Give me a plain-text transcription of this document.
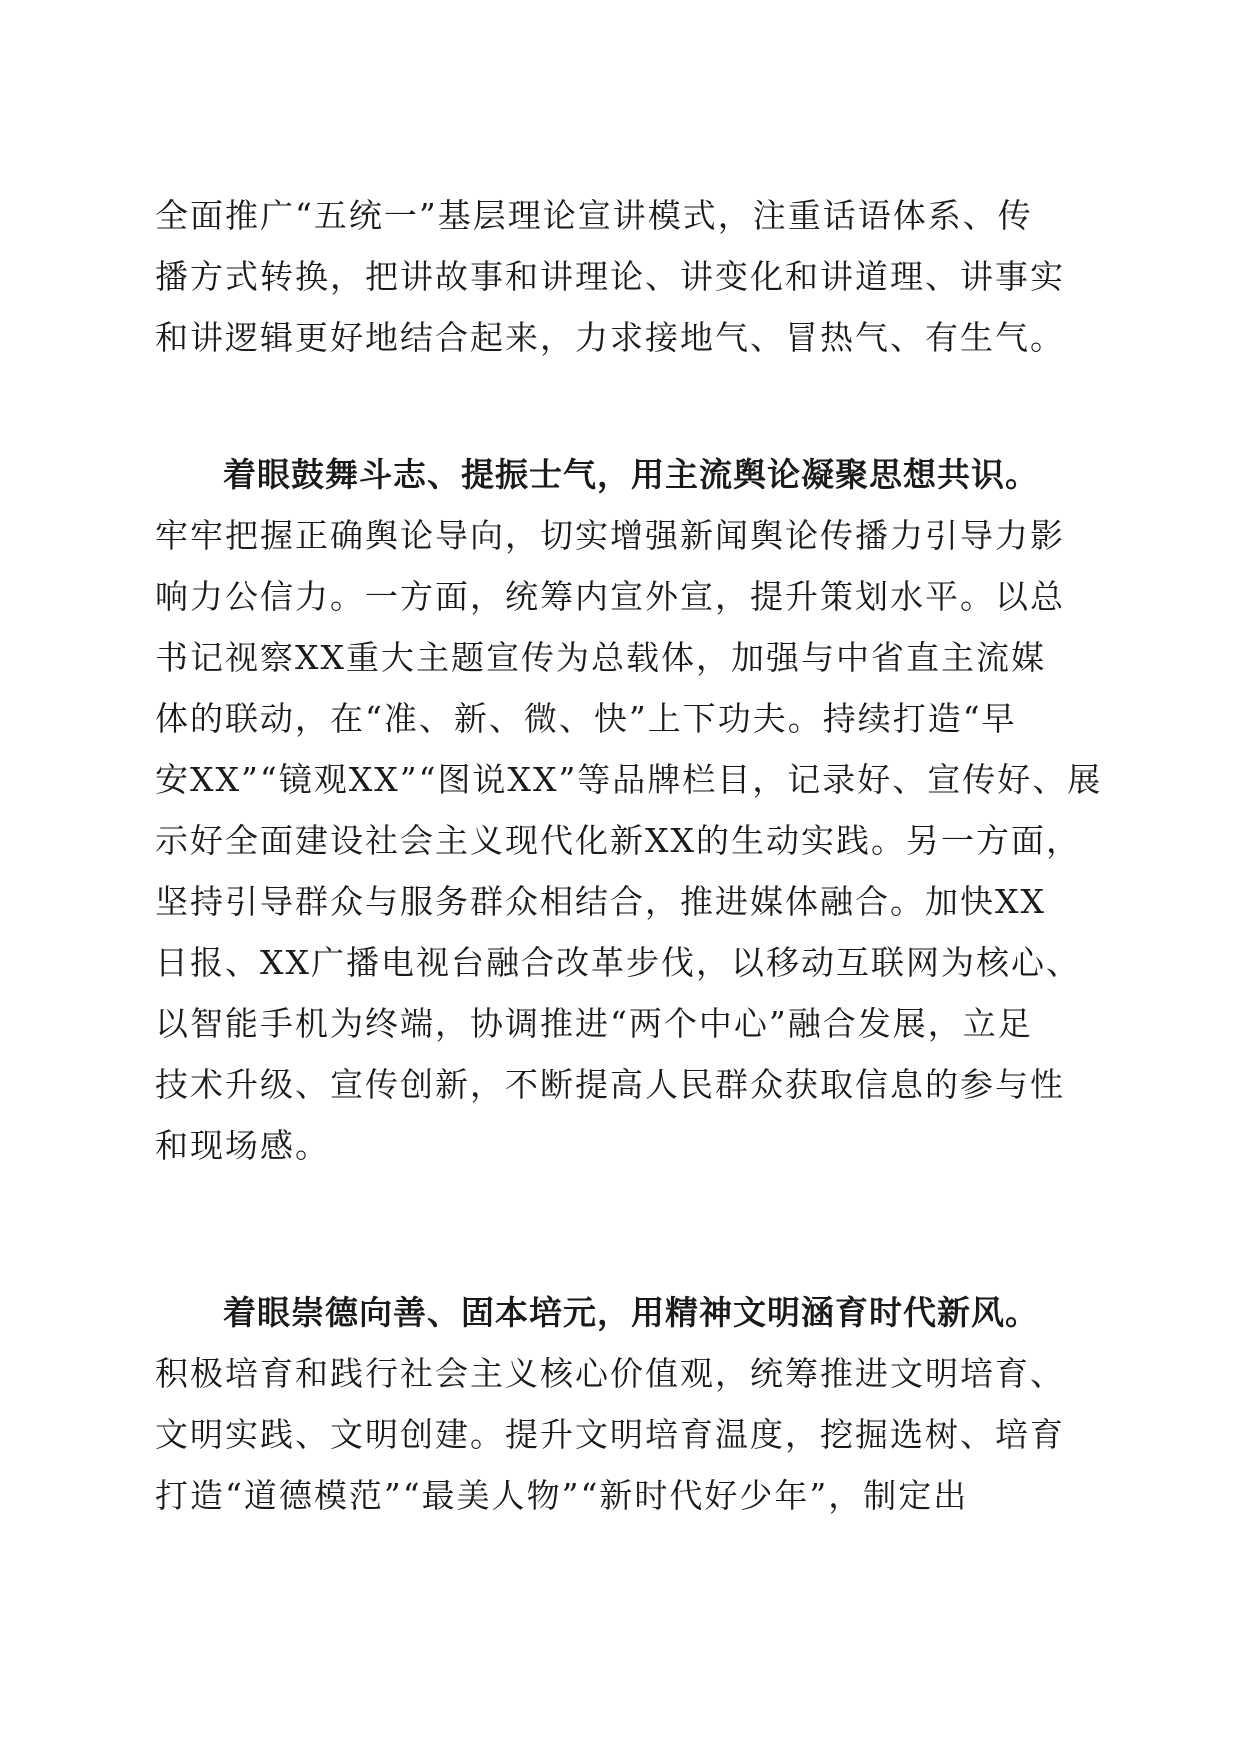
全面推广“五统一”基层理论宣讲模式，注重话语体系、传
播方式转换，把讲故事和讲理论、讲变化和讲道理、讲事实
和讲逻辑更好地结合起来，力求接地气、冒热气、有生气。
着眼鼓舞斗志、提振士气，用主流舆论凝聚思想共识。
牢牢把握正确舆论导向，切实增强新闻舆论传播力引导力影
响力公信力。一方面，统筹内宣外宣，提升策划水平。以总
书记视察XX重大主题宣传为总载体，加强与中省直主流媒
体的联动，在“准、新、微、快”上下功夫。持续打造“早
安XX”“镜观XX”“图说XX”等品牌栏目，记录好、宣传好、展
示好全面建设社会主义现代化新XX的生动实践。另一方面，
坚持引导群众与服务群众相结合，推进媒体融合。加快XX
日报、XX广播电视台融合改革步伐，以移动互联网为核心、
以智能手机为终端，协调推进“两个中心”融合发展，立足
技术升级、宣传创新，不断提高人民群众获取信息的参与性
和现场感。
着眼崇德向善、固本培元，用精神文明涵育时代新风。
积极培育和践行社会主义核心价值观，统筹推进文明培育、
文明实践、文明创建。提升文明培育温度，挖掘选树、培育
打造“道德模范”“最美人物”“新时代好少年”，制定出
